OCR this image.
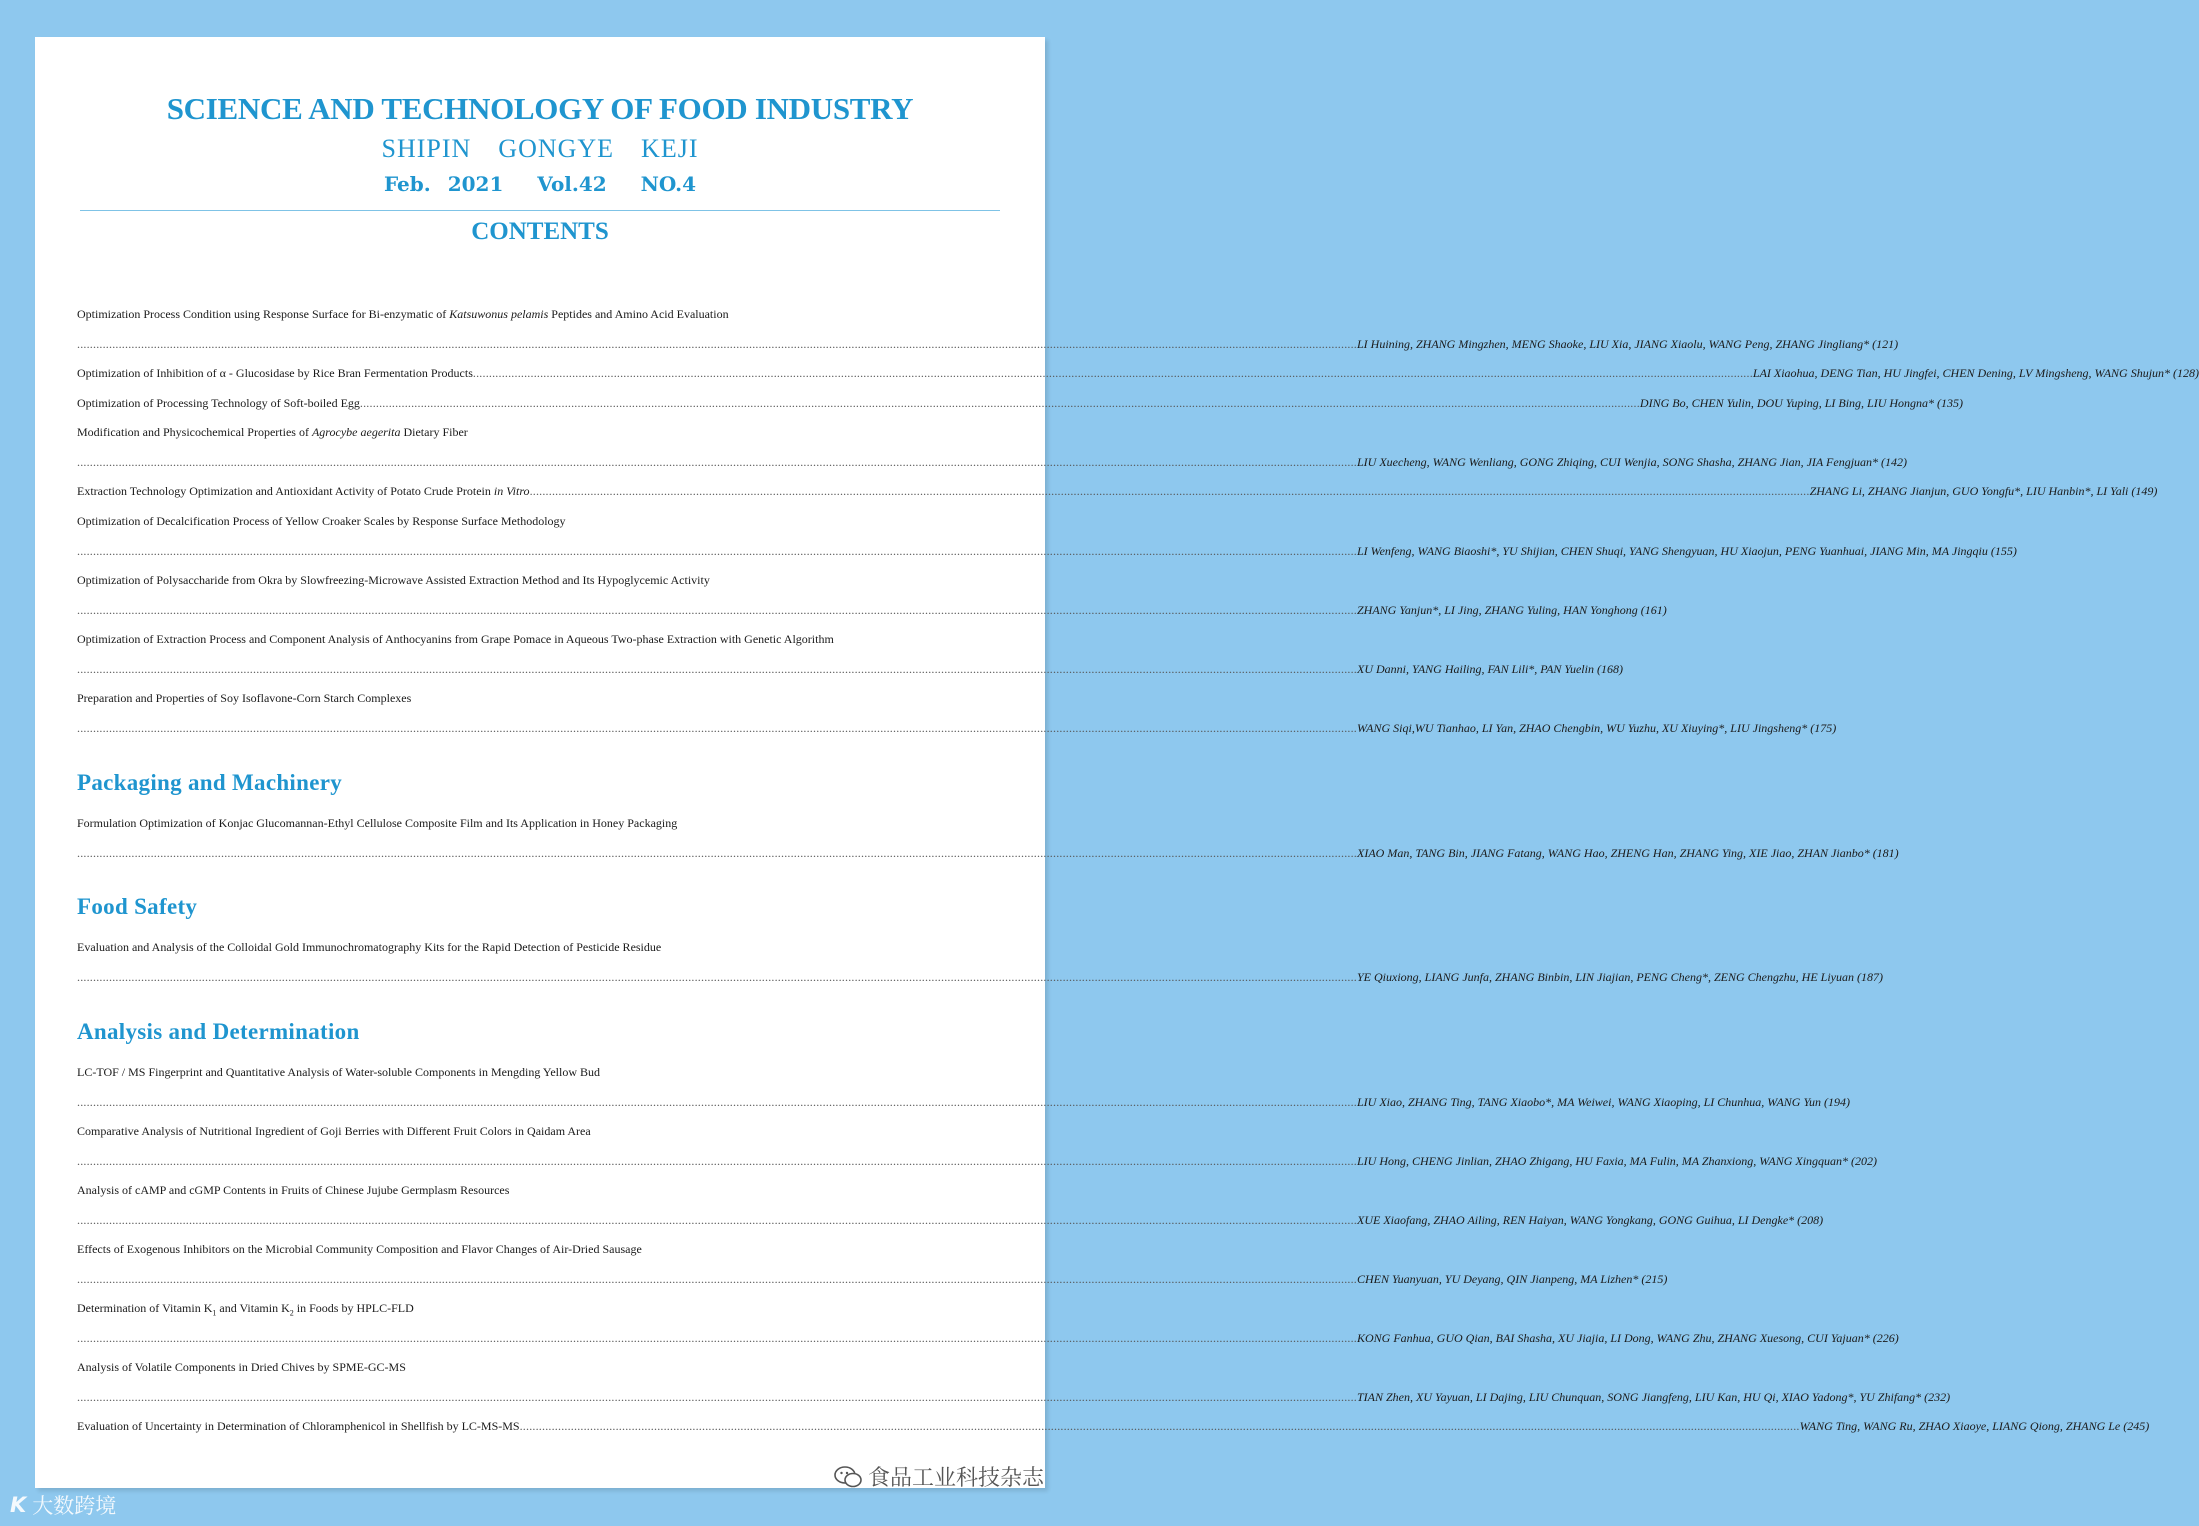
SCIENCE AND TECHNOLOGY OF FOOD INDUSTRY
SHIPIN  GONGYE  KEJI
Feb. 2021  Vol.42  NO.4
CONTENTS
Optimization Process Condition using Response Surface for Bi-enzymatic of Katsuwonus pelamis Peptides and Amino Acid Evaluation
................................................................................................................................................................................................................................................................................................................................................................................................................ LI Huining, ZHANG Mingzhen, MENG Shaoke, LIU Xia, JIANG Xiaolu, WANG Peng, ZHANG Jingliang* (121)
Optimization of Inhibition of α - Glucosidase by Rice Bran Fermentation Products ................................................................................................................................................................................................................................................................................................................................................................................................................ LAI Xiaohua, DENG Tian, HU Jingfei, CHEN Dening, LV Mingsheng, WANG Shujun* (128)
Optimization of Processing Technology of Soft-boiled Egg ................................................................................................................................................................................................................................................................................................................................................................................................................ DING Bo, CHEN Yulin, DOU Yuping, LI Bing, LIU Hongna* (135)
Modification and Physicochemical Properties of Agrocybe aegerita Dietary Fiber
................................................................................................................................................................................................................................................................................................................................................................................................................ LIU Xuecheng, WANG Wenliang, GONG Zhiqing, CUI Wenjia, SONG Shasha, ZHANG Jian, JIA Fengjuan* (142)
Extraction Technology Optimization and Antioxidant Activity of Potato Crude Protein in Vitro ................................................................................................................................................................................................................................................................................................................................................................................................................ ZHANG Li, ZHANG Jianjun, GUO Yongfu*, LIU Hanbin*, LI Yali (149)
Optimization of Decalcification Process of Yellow Croaker Scales by Response Surface Methodology
................................................................................................................................................................................................................................................................................................................................................................................................................ LI Wenfeng, WANG Biaoshi*, YU Shijian, CHEN Shuqi, YANG Shengyuan, HU Xiaojun, PENG Yuanhuai, JIANG Min, MA Jingqiu (155)
Optimization of Polysaccharide from Okra by Slowfreezing-Microwave Assisted Extraction Method and Its Hypoglycemic Activity
................................................................................................................................................................................................................................................................................................................................................................................................................ ZHANG Yanjun*, LI Jing, ZHANG Yuling, HAN Yonghong (161)
Optimization of Extraction Process and Component Analysis of Anthocyanins from Grape Pomace in Aqueous Two-phase Extraction with Genetic Algorithm
................................................................................................................................................................................................................................................................................................................................................................................................................ XU Danni, YANG Hailing, FAN Lili*, PAN Yuelin (168)
Preparation and Properties of Soy Isoflavone-Corn Starch Complexes
................................................................................................................................................................................................................................................................................................................................................................................................................ WANG Siqi,WU Tianhao, LI Yan, ZHAO Chengbin, WU Yuzhu, XU Xiuying*, LIU Jingsheng* (175)
Packaging and Machinery
Formulation Optimization of Konjac Glucomannan-Ethyl Cellulose Composite Film and Its Application in Honey Packaging
................................................................................................................................................................................................................................................................................................................................................................................................................ XIAO Man, TANG Bin, JIANG Fatang, WANG Hao, ZHENG Han, ZHANG Ying, XIE Jiao, ZHAN Jianbo* (181)
Food Safety
Evaluation and Analysis of the Colloidal Gold Immunochromatography Kits for the Rapid Detection of Pesticide Residue
................................................................................................................................................................................................................................................................................................................................................................................................................ YE Qiuxiong, LIANG Junfa, ZHANG Binbin, LIN Jiajian, PENG Cheng*, ZENG Chengzhu, HE Liyuan (187)
Analysis and Determination
LC-TOF / MS Fingerprint and Quantitative Analysis of Water-soluble Components in Mengding Yellow Bud
................................................................................................................................................................................................................................................................................................................................................................................................................ LIU Xiao, ZHANG Ting, TANG Xiaobo*, MA Weiwei, WANG Xiaoping, LI Chunhua, WANG Yun (194)
Comparative Analysis of Nutritional Ingredient of Goji Berries with Different Fruit Colors in Qaidam Area
................................................................................................................................................................................................................................................................................................................................................................................................................ LIU Hong, CHENG Jinlian, ZHAO Zhigang, HU Faxia, MA Fulin, MA Zhanxiong, WANG Xingquan* (202)
Analysis of cAMP and cGMP Contents in Fruits of Chinese Jujube Germplasm Resources
................................................................................................................................................................................................................................................................................................................................................................................................................ XUE Xiaofang, ZHAO Ailing, REN Haiyan, WANG Yongkang, GONG Guihua, LI Dengke* (208)
Effects of Exogenous Inhibitors on the Microbial Community Composition and Flavor Changes of Air-Dried Sausage
................................................................................................................................................................................................................................................................................................................................................................................................................ CHEN Yuanyuan, YU Deyang, QIN Jianpeng, MA Lizhen* (215)
Determination of Vitamin $K_1$ and Vitamin $K_2$ in Foods by HPLC-FLD
................................................................................................................................................................................................................................................................................................................................................................................................................ KONG Fanhua, GUO Qian, BAI Shasha, XU Jiajia, LI Dong, WANG Zhu, ZHANG Xuesong, CUI Yajuan* (226)
Analysis of Volatile Components in Dried Chives by SPME-GC-MS
................................................................................................................................................................................................................................................................................................................................................................................................................ TIAN Zhen, XU Yayuan, LI Dajing, LIU Chunquan, SONG Jiangfeng, LIU Kan, HU Qi, XIAO Yadong*, YU Zhifang* (232)
Evaluation of Uncertainty in Determination of Chloramphenicol in Shellfish by LC-MS-MS ................................................................................................................................................................................................................................................................................................................................................................................................................ WANG Ting, WANG Ru, ZHAO Xiaoye, LIANG Qiong, ZHANG Le (245)
食品工业科技杂志
K 大数跨境
